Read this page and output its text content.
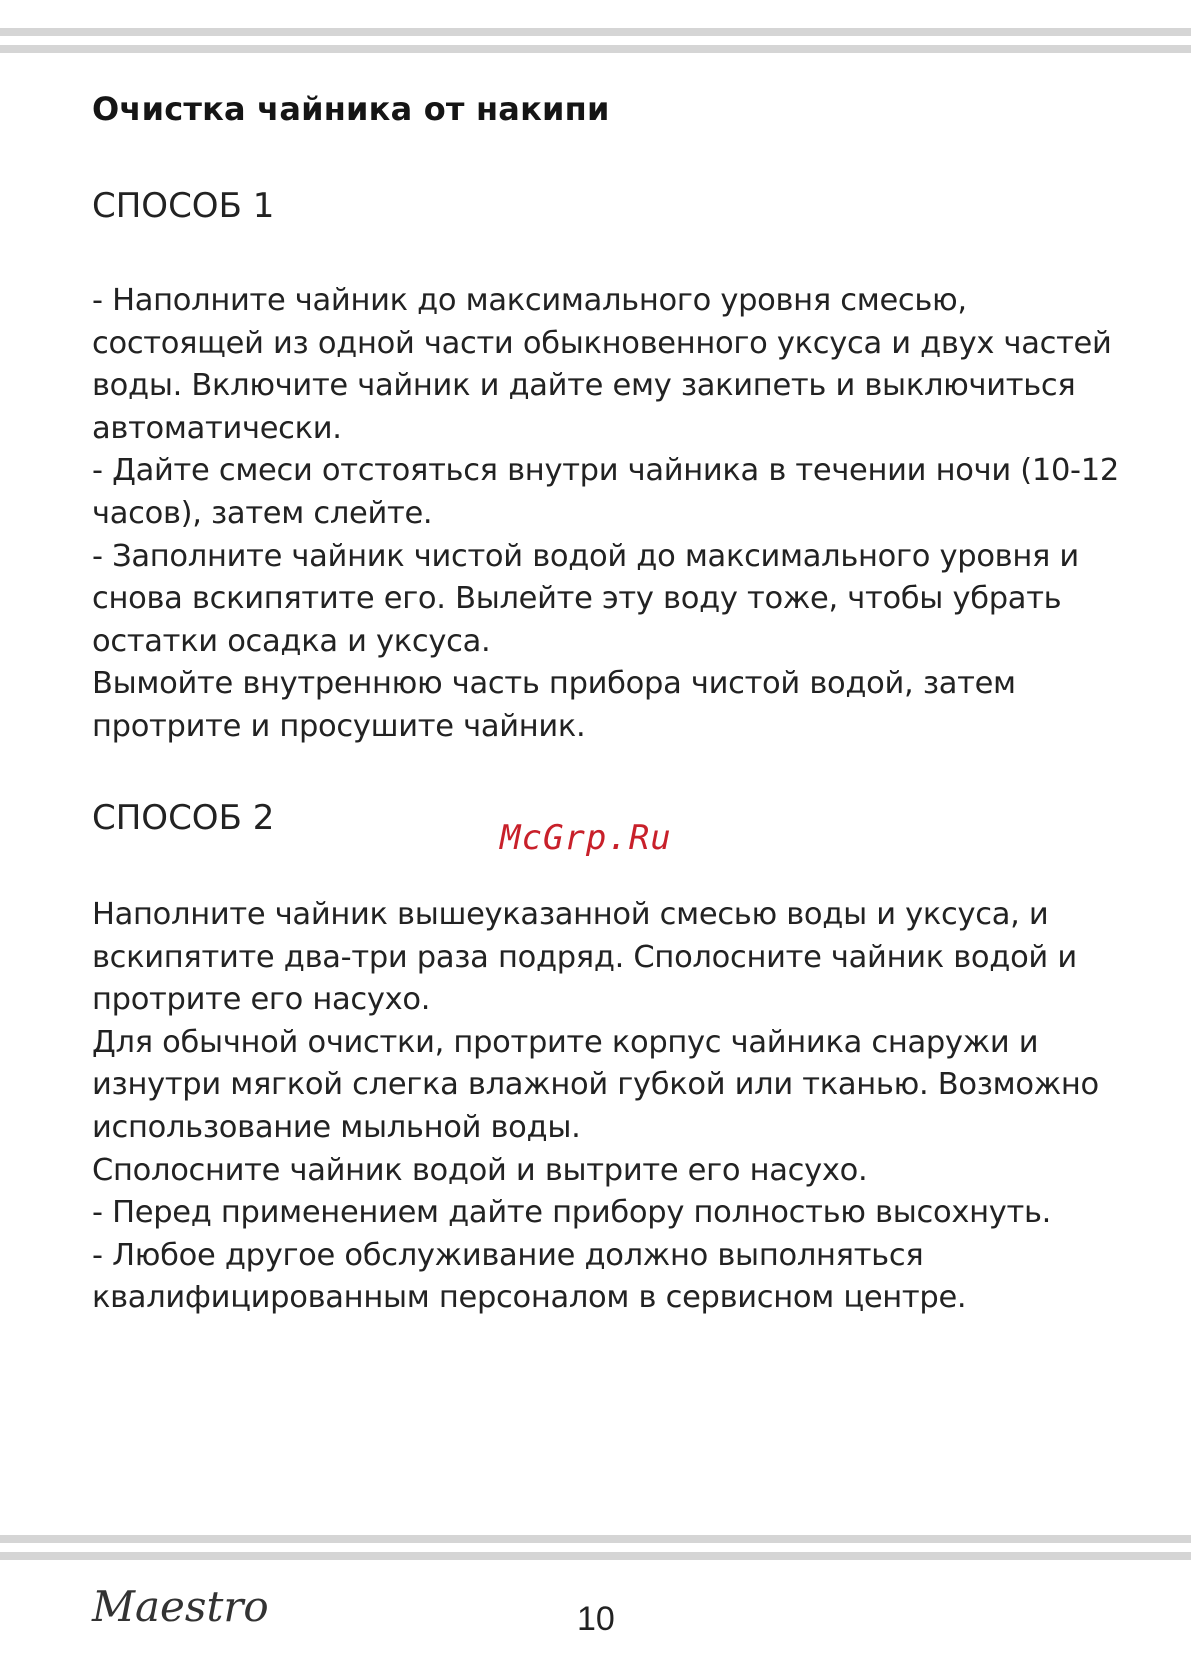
Очистка чайника от накипи
СПОСОБ 1

- Наполните чайник до максимального уровня смесью,

состоящей из одной части обыкновенного уксуса и двух частей

воды. Включите чайник и дайте ему закипеть и выключиться

автоматически.

- Дайте смеси отстояться внутри чайника в течении ночи (10-12

часов), затем слейте.

- Заполните чайник чистой водой до максимального уровня и

снова вскипятите его. Вылейте эту воду тоже, чтобы убрать

остатки осадка и уксуса.

Вымойте внутреннюю часть прибора чистой водой, затем

протрите и просушите чайник.

СПОСОБ 2	McGrp.Ru

Наполните чайник вышеуказанной смесью воды и уксуса, и

вскипятите два-три раза подряд. Сполосните чайник водой и

протрите его насухо.

Для обычной очистки, протрите корпус чайника снаружи и

изнутри мягкой слегка влажной губкой или тканью. Возможно

использование мыльной воды.

Сполосните чайник водой и вытрите его насухо.

- Перед применением дайте прибору полностью высохнуть.

- Любое другое обслуживание должно выполняться

квалифицированным персоналом в сервисном центре.

Maestro	10
